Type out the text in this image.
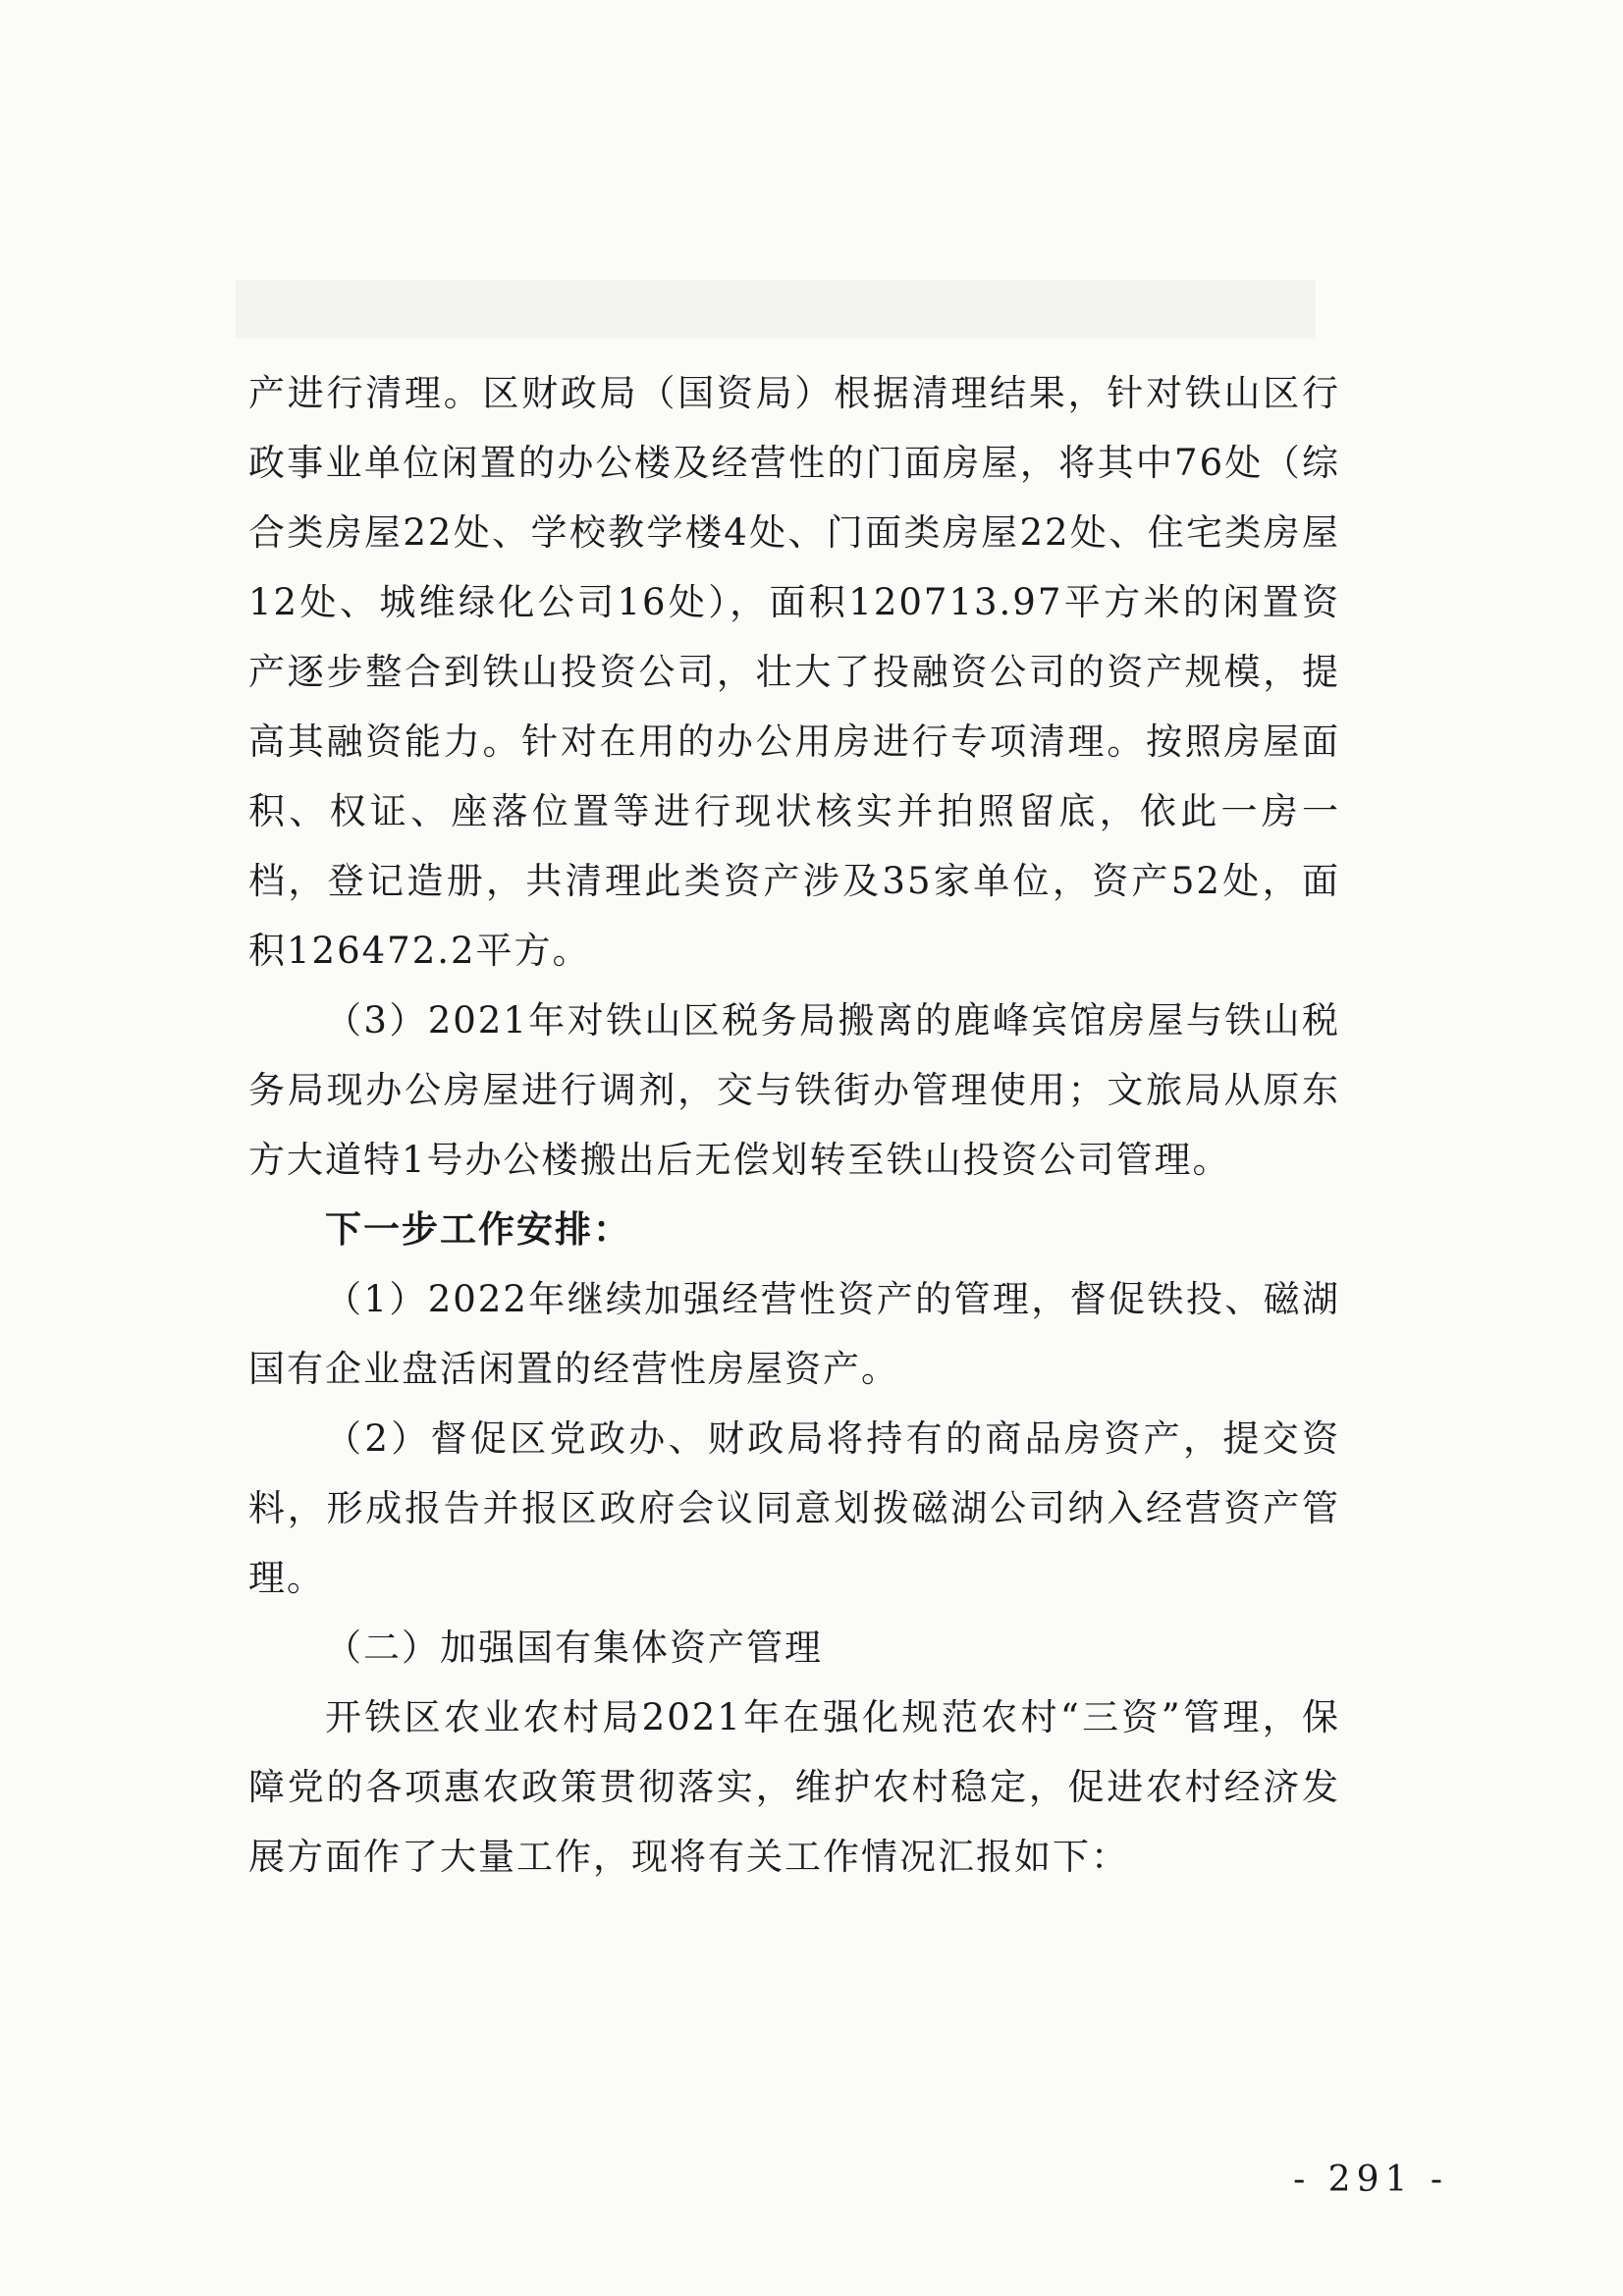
产进行清理。区财政局（国资局）根据清理结果，针对铁山区行政事业单位闲置的办公楼及经营性的门面房屋，将其中76处（综合类房屋22处、学校教学楼4处、门面类房屋22处、住宅类房屋12处、城维绿化公司16处），面积120713.97平方米的闲置资产逐步整合到铁山投资公司，壮大了投融资公司的资产规模，提高其融资能力。针对在用的办公用房进行专项清理。按照房屋面积、权证、座落位置等进行现状核实并拍照留底，依此一房一档，登记造册，共清理此类资产涉及35家单位，资产52处，面积126472.2平方。

（3）2021年对铁山区税务局搬离的鹿峰宾馆房屋与铁山税务局现办公房屋进行调剂，交与铁街办管理使用；文旅局从原东方大道特1号办公楼搬出后无偿划转至铁山投资公司管理。

下一步工作安排：

（1）2022年继续加强经营性资产的管理，督促铁投、磁湖国有企业盘活闲置的经营性房屋资产。

（2）督促区党政办、财政局将持有的商品房资产，提交资料，形成报告并报区政府会议同意划拨磁湖公司纳入经营资产管理。

（二）加强国有集体资产管理

开铁区农业农村局2021年在强化规范农村“三资”管理，保障党的各项惠农政策贯彻落实，维护农村稳定，促进农村经济发展方面作了大量工作，现将有关工作情况汇报如下：

- 291 -
